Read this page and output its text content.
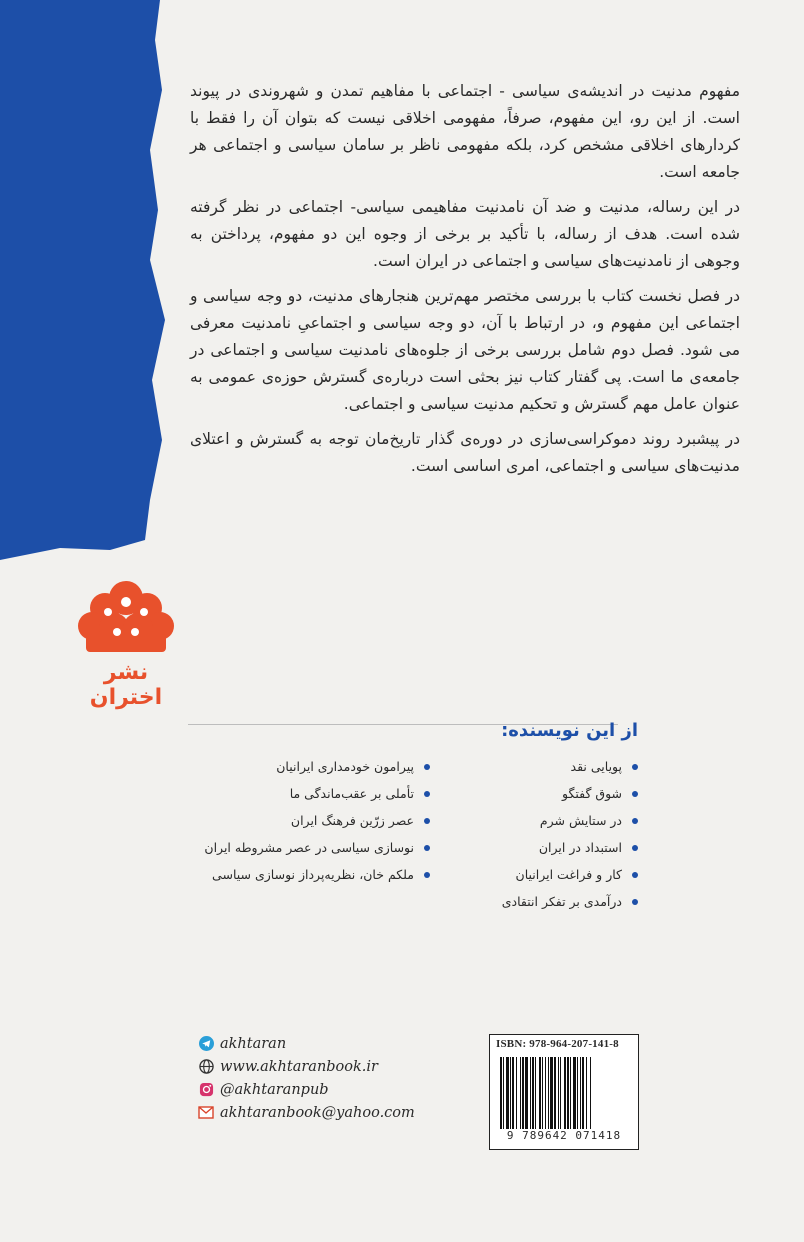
مفهوم مدنیت در اندیشه‌ی سیاسی - اجتماعی با مفاهیم تمدن و شهروندی در پیوند است. از این رو، این مفهوم، صرفاً، مفهومی اخلاقی نیست که بتوان آن را فقط با کردارهای اخلاقی مشخص کرد، بلکه مفهومی ناظر بر سامان سیاسی و اجتماعی هر جامعه است.

در این رساله، مدنیت و ضد آن نامدنیت مفاهیمی سیاسی- اجتماعی در نظر گرفته شده است. هدف از رساله، با تأکید بر برخی از وجوه این دو مفهوم، پرداختن به وجوهی از نامدنیت‌های سیاسی و اجتماعی در ایران است.

در فصل نخست کتاب با بررسی مختصر مهم‌ترین هنجارهای مدنیت، دو وجه سیاسی و اجتماعی این مفهوم و، در ارتباط با آن، دو وجه سیاسی و اجتماعیِ نامدنیت معرفی می شود. فصل دوم شامل بررسی برخی از جلوه‌های نامدنیت سیاسی و اجتماعی در جامعه‌ی ما است. پی گفتار کتاب نیز بحثی است درباره‌ی گسترش حوزه‌ی عمومی به عنوان عامل مهم گسترش و تحکیم مدنیت سیاسی و اجتماعی.

در پیشبرد روند دموکراسی‌سازی در دوره‌ی گذار تاریخ‌مان توجه به گسترش و اعتلای مدنیت‌های سیاسی و اجتماعی، امری اساسی است.

نشر اختران
از این نویسنده:
پویایی نقد
شوق گفتگو
در ستایش شرم
استبداد در ایران
کار و فراغت ایرانیان
درآمدی بر تفکر انتقادی
پیرامون خودمداری ایرانیان
تأملی بر عقب‌ماندگی ما
عصر زرّین فرهنگ ایران
نوسازی سیاسی در عصر مشروطه ایران
ملکم خان، نظریه‌پرداز نوسازی سیاسی
akhtaran
www.akhtaranbook.ir
@akhtaranpub
akhtaranbook@yahoo.com
ISBN: 978-964-207-141-8
9 789642 071418
